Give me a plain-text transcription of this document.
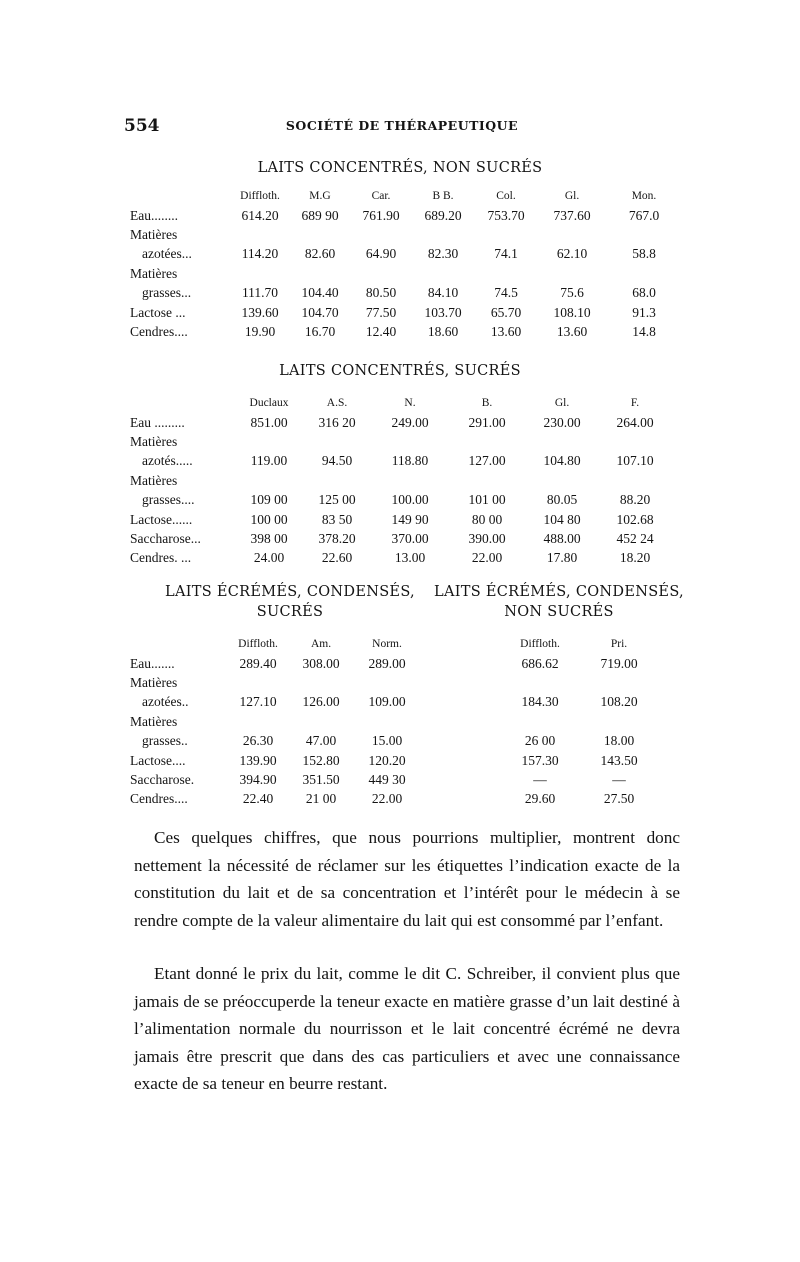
554	SOCIÉTÉ DE THÉRAPEUTIQUE
LAITS CONCENTRÉS, NON SUCRÉS
	Diffloth.	M.G	Car.	B B.	Col.	Gl.	Mon.
Eau........	614.20	689 90	761.90	689.20	753.70	737.60	767.0
Matières							
azotées...	114.20	82.60	64.90	82.30	74.1	62.10	58.8
Matières							
grasses...	111.70	104.40	80.50	84.10	74.5	75.6	68.0
Lactose ...	139.60	104.70	77.50	103.70	65.70	108.10	91.3
Cendres....	19.90	16.70	12.40	18.60	13.60	13.60	14.8
LAITS CONCENTRÉS, SUCRÉS
	Duclaux	A.S.	N.	B.	Gl.	F.
Eau .........	851.00	316 20	249.00	291.00	230.00	264.00
Matières						
azotés.....	119.00	94.50	118.80	127.00	104.80	107.10
Matières						
grasses....	109 00	125 00	100.00	101 00	80.05	88.20
Lactose......	100 00	83 50	149 90	80 00	104 80	102.68
Saccharose...	398 00	378.20	370.00	390.00	488.00	452 24
Cendres. ...	24.00	22.60	13.00	22.00	17.80	18.20
LAITS ÉCRÉMÉS, CONDENSÉS,
SUCRÉS
LAITS ÉCRÉMÉS, CONDENSÉS,
NON SUCRÉS
	Diffloth.	Am.	Norm.		Diffloth.	Pri.
Eau.......	289.40	308.00	289.00		686.62	719.00
Matières						
azotées..	127.10	126.00	109.00		184.30	108.20
Matières						
grasses..	26.30	47.00	15.00		26 00	18.00
Lactose....	139.90	152.80	120.20		157.30	143.50
Saccharose.	394.90	351.50	449 30		—	—
Cendres....	22.40	21 00	22.00		29.60	27.50

Ces quelques chiffres, que nous pourrions multiplier, montrent donc nettement la nécessité de réclamer sur les étiquettes l’indication exacte de la constitution du lait et de sa concentration et l’intérêt pour le médecin à se rendre compte de la valeur alimentaire du lait qui est consommé par l’enfant.

Etant donné le prix du lait, comme le dit C. Schreiber, il convient plus que jamais de se préoccuperde la teneur exacte en matière grasse d’un lait destiné à l’alimentation normale du nourrisson et le lait concentré écrémé ne devra jamais être prescrit que dans des cas particuliers et avec une connaissance exacte de sa teneur en beurre restant.
